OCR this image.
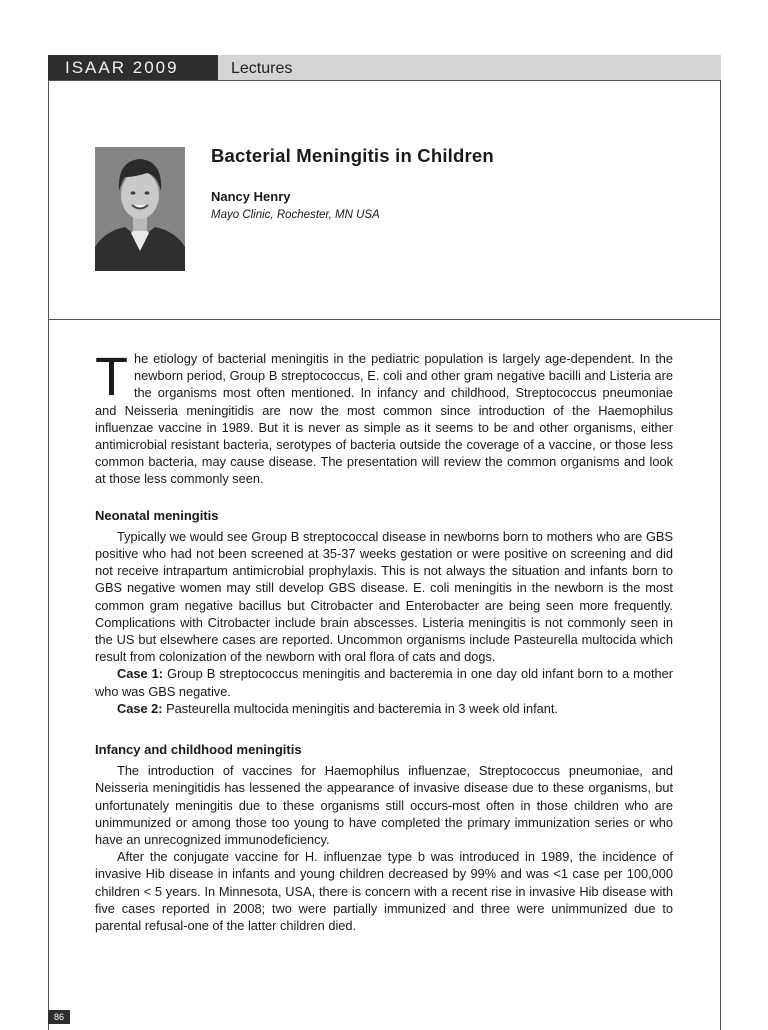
ISAAR 2009	Lectures
Bacterial Meningitis in Children
Nancy Henry
Mayo Clinic, Rochester, MN USA

The etiology of bacterial meningitis in the pediatric population is largely age-dependent. In the newborn period, Group B streptococcus, E. coli and other gram negative bacilli and Listeria are the organisms most often mentioned. In infancy and childhood, Streptococcus pneumoniae and Neisseria meningitidis are now the most common since introduction of the Haemophilus influenzae vaccine in 1989. But it is never as simple as it seems to be and other organisms, either antimicrobial resistant bacteria, serotypes of bacteria outside the coverage of a vaccine, or those less common bacteria, may cause disease. The presentation will review the common organisms and look at those less commonly seen.

Neonatal meningitis

Typically we would see Group B streptococcal disease in newborns born to mothers who are GBS positive who had not been screened at 35-37 weeks gestation or were positive on screening and did not receive intrapartum antimicrobial prophylaxis. This is not always the situation and infants born to GBS negative women may still develop GBS disease. E. coli meningitis in the newborn is the most common gram negative bacillus but Citrobacter and Enterobacter are being seen more frequently. Complications with Citrobacter include brain abscesses. Listeria meningitis is not commonly seen in the US but elsewhere cases are reported. Uncommon organisms include Pasteurella multocida which result from colonization of the newborn with oral flora of cats and dogs.

Case 1: Group B streptococcus meningitis and bacteremia in one day old infant born to a mother who was GBS negative.

Case 2: Pasteurella multocida meningitis and bacteremia in 3 week old infant.

Infancy and childhood meningitis

The introduction of vaccines for Haemophilus influenzae, Streptococcus pneumoniae, and Neisseria meningitidis has lessened the appearance of invasive disease due to these organisms, but unfortunately meningitis due to these organisms still occurs-most often in those children who are unimmunized or among those too young to have completed the primary immunization series or who have an unrecognized immunodeficiency.

After the conjugate vaccine for H. influenzae type b was introduced in 1989, the incidence of invasive Hib disease in infants and young children decreased by 99% and was <1 case per 100,000 children < 5 years. In Minnesota, USA, there is concern with a recent rise in invasive Hib disease with five cases reported in 2008; two were partially immunized and three were unimmunized due to parental refusal-one of the latter children died.

86
